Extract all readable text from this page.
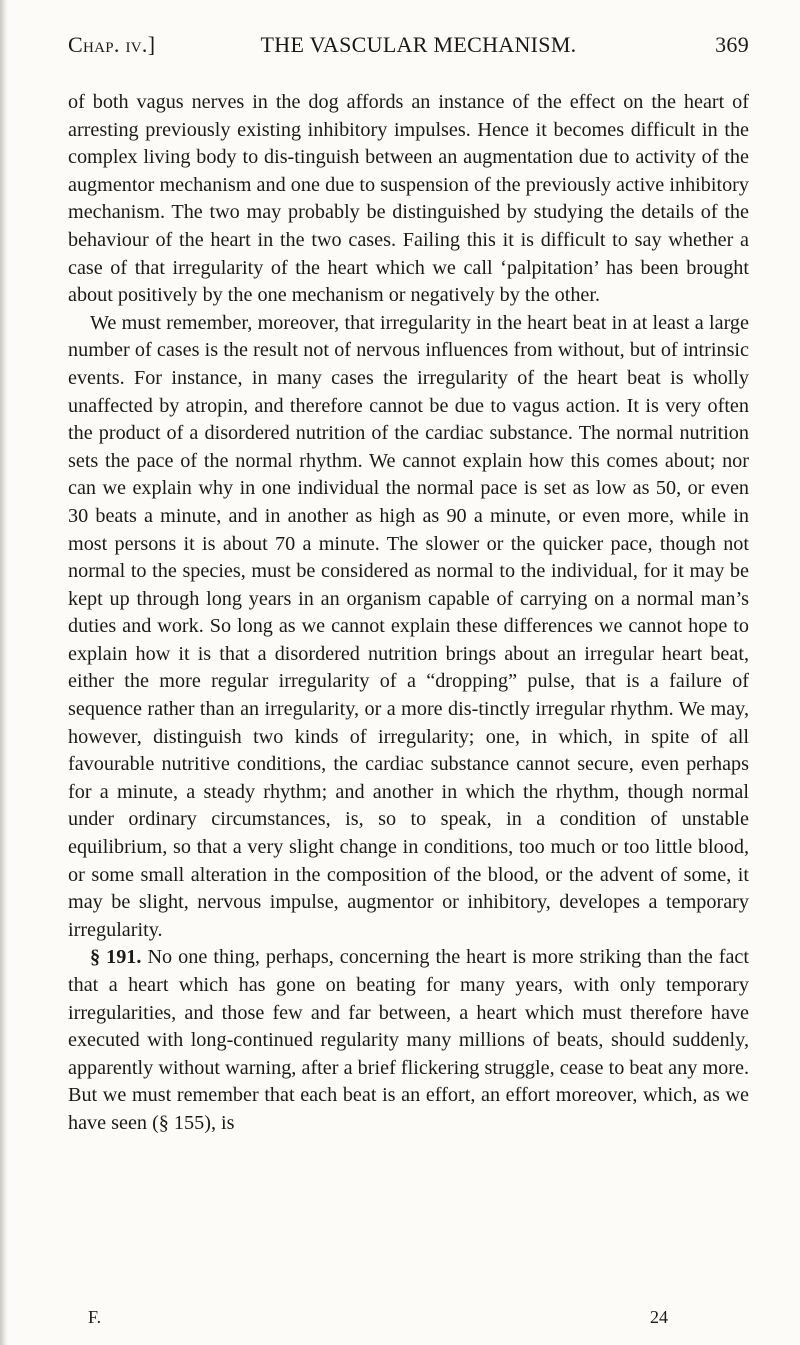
Chap. iv.]	THE VASCULAR MECHANISM.	369

of both vagus nerves in the dog affords an instance of the effect on the heart of arresting previously existing inhibitory impulses. Hence it becomes difficult in the complex living body to dis-tinguish between an augmentation due to activity of the augmentor mechanism and one due to suspension of the previously active inhibitory mechanism. The two may probably be distinguished by studying the details of the behaviour of the heart in the two cases. Failing this it is difficult to say whether a case of that irregularity of the heart which we call ‘palpitation’ has been brought about positively by the one mechanism or negatively by the other.

We must remember, moreover, that irregularity in the heart beat in at least a large number of cases is the result not of nervous influences from without, but of intrinsic events. For instance, in many cases the irregularity of the heart beat is wholly unaffected by atropin, and therefore cannot be due to vagus action. It is very often the product of a disordered nutrition of the cardiac substance. The normal nutrition sets the pace of the normal rhythm. We cannot explain how this comes about; nor can we explain why in one individual the normal pace is set as low as 50, or even 30 beats a minute, and in another as high as 90 a minute, or even more, while in most persons it is about 70 a minute. The slower or the quicker pace, though not normal to the species, must be considered as normal to the individual, for it may be kept up through long years in an organism capable of carrying on a normal man’s duties and work. So long as we cannot explain these differences we cannot hope to explain how it is that a disordered nutrition brings about an irregular heart beat, either the more regular irregularity of a “dropping” pulse, that is a failure of sequence rather than an irregularity, or a more dis-tinctly irregular rhythm. We may, however, distinguish two kinds of irregularity; one, in which, in spite of all favourable nutritive conditions, the cardiac substance cannot secure, even perhaps for a minute, a steady rhythm; and another in which the rhythm, though normal under ordinary circumstances, is, so to speak, in a condition of unstable equilibrium, so that a very slight change in conditions, too much or too little blood, or some small alteration in the composition of the blood, or the advent of some, it may be slight, nervous impulse, augmentor or inhibitory, developes a temporary irregularity.

§ 191. No one thing, perhaps, concerning the heart is more striking than the fact that a heart which has gone on beating for many years, with only temporary irregularities, and those few and far between, a heart which must therefore have executed with long-continued regularity many millions of beats, should suddenly, apparently without warning, after a brief flickering struggle, cease to beat any more. But we must remember that each beat is an effort, an effort moreover, which, as we have seen (§ 155), is

F.	24
